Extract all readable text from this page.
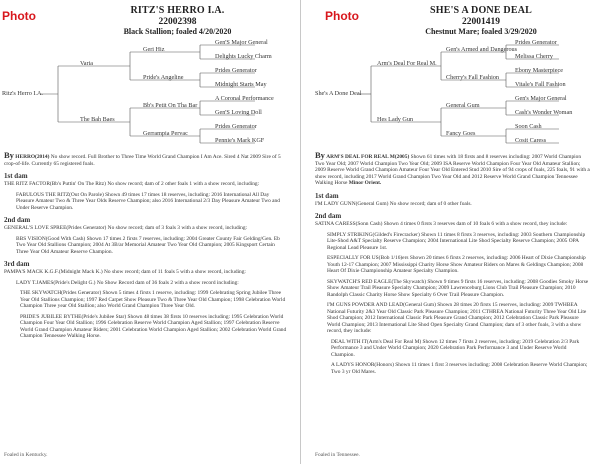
Photo	RITZ'S HERRO I.A.
22002398
Black Stallion; foaled 4/20/2020
Ritz's Herro I.A.
Varia
The Bah Baes
Geri Hiz
Pride's Angeline
Bb's Petit On Tha Bar
Gerrampia Pervac
Gen'S Major General
Delights Lucky Charm
Prides Generator
Midnight Starts May
A Coronal Performance
Gen'S Loving Doll
Prides Generator
Pennie's Mark KGF

By HERRO(2014) No show record. Full Brother to Three Time World Grand Champion I Am Ace. Sired 4 Nat 2009 Sire of 5 crop-of-life. Currently 65 registered foals.

1st dam

THE RITZ FACTOR(Bb's Puttin' On The Ritz) No show record; dam of 2 other foals 1 with a show record, including:

FABULOUS THE RITZ(Out On Parole) Shown 49 times 17 times 18 reserves, including: 2016 International All Day Pleasure Amateur Two & Three Year Olds Reserve Champion; also 2016 International 2/3 Day Pleasure Amateur Two and Under Reserve Champion.

2nd dam

GENERAL'S LOVE SPREE(Prides Generator) No show record; dam of 3 foals 3 with a show record, including:

BBS VISION(Good With Cash) Shown 17 times 2 firsts 7 reserves, including: 2004 Greater County Fair Gelding/Gen. Eb Two Year Old Stallions Champion; 2004 At 3B/ar Memorial Amateur Two Year Old Champion; 2005 Kingsport Certain Three Year Old Amateur Reserve Champion.

3rd dam

PAMPA'S MACK K.G.F.(Midnight Mack K.) No show record; dam of 11 foals 5 with a show record, including:

LADY T.JAMES(Pride's Delight G.) No Show Record dam of 36 foals 2 with a show record including:

THE SKYWATCH(Prides Generator) Shown 5 times 4 firsts 1 reserve, including: 1999 Celebrating Spring Jubilee Three Year Old Stallions Champion; 1997 Red Carpet Show Pleasure Two & Three Year Old Champion; 1998 Celebration World Champion Three year Old Stallion; also World Grand Champion Three Year Old.

PRIDE'S JUBILEE BYTHE(Pride's Jubilee Star) Shown 48 times 38 firsts 10 reserves including: 1995 Celebration World Champion Four Year Old Stallion; 1996 Celebration Reserve World Champion Aged Stallion; 1997 Celebration Reserve World Grand Champion Amateur Riders; 2001 Celebration World Champion Aged Stallion; 2002 Celebration World Grand Champion Tennessee Walking Horse.

Foaled in Kentucky.
Photo	SHE'S A DONE DEAL
22001419
Chestnut Mare; foaled 3/29/2020
She's A Done Deal
Arm's Deal For Real M.
Hes Lady Gun
Gen's Armed and Dangerous
Cherry's Fall Fashion
General Gum
Fancy Goes
Prides Generator
Melissa Cherry
Ebony Masterpiece
Vitale's Fall Fashion
Gen's Major General
Cash's Wonder Woman
Soon Cash
Cosit Caress

By ARM'S DEAL FOR REAL M(2005) Shown 61 times with 18 firsts and 8 reserves including: 2007 World Champion Two Year Old; 2007 World Champion Two Year Old; 2009 ISA Reserve World Champion Four Year Old Amateur Stallion; 2009 Reserve World Grand Champion Amateur Four Year Old Entered Stud 2010 Sire of 94 crops of foals, 225 foals, 91 with a show record, including 2017 World Grand Champion Two Year Old and 2012 Reserve World Grand Champion Tennessee Walking Horse Minor Orient.

1st dam

I'M LADY GUNN(General Gum) No show record; dam of 0 other foals.

2nd dam

SATINA CARESS(Sonn Cash) Shown 4 times 0 firsts 3 reserves dam of 10 foals 6 with a show record, they include:

SIMPLY STRIKING(Gilded's Firecracker) Shown 11 times 8 firsts 3 reserves, including: 2003 Southern Championship Lite-Shod A&T Specialty Reserve Champion; 2004 International Lite Shod Specialty Reserve Champion; 2005 OPA Regional Lead Pleasure 1st.

ESPECIALLY FOR US(Bob 1/16)ers Shown 20 times 6 firsts 2 reserves, including: 2006 Heart of Dixie Championship Youth 12-17 Champion; 2007 Mississippi Charity Horse Show Amateur Riders on Mares & Geldings Champion; 2008 Heart Of Dixie Championship Amateur Specialty Champion.

SKYWATCH'S RED EAGLE(The Skywatch) Shown 9 times 9 firsts 16 reserves, including: 2008 Goodies Smoky Horse Show Amateur Trail Pleasure Specialty Champion; 2009 Lawrenceburg Lions Club Trail Pleasure Champion; 2010 Randolph Classic Charity Horse Show Specialty 6 Over Trail Pleasure Champion.

I'M GUNS POWDER AND LEAD(General Gum) Shown 28 times 20 firsts 15 reserves, including: 2009 TWHBEA National Futurity 2&3 Year Old Classic Park Pleasure Champion; 2011 CTHREA National Futurity Three Year Old Lite Shod Champion; 2012 International Classic Park Pleasure Grand Champion; 2012 Celebration Classic Park Pleasure World Champion; 2013 International Lite Shod Open Specialty Grand Champion; dam of 3 other foals, 3 with a show record, they include:

DEAL WITH IT(Arm's Deal For Real M) Shown 12 times 7 firsts 2 reserves, including: 2019 Celebration 2/3 Park Performance 3 and Under World Champion; 2020 Celebration Park Performance 3 and Under Reserve World Champion.

A LADYS HONOR(Honors) Shown 11 times 1 first 3 reserves including: 2008 Celebration Reserve World Champion; Two 3 yr Old Mares.

Foaled in Tennessee.
